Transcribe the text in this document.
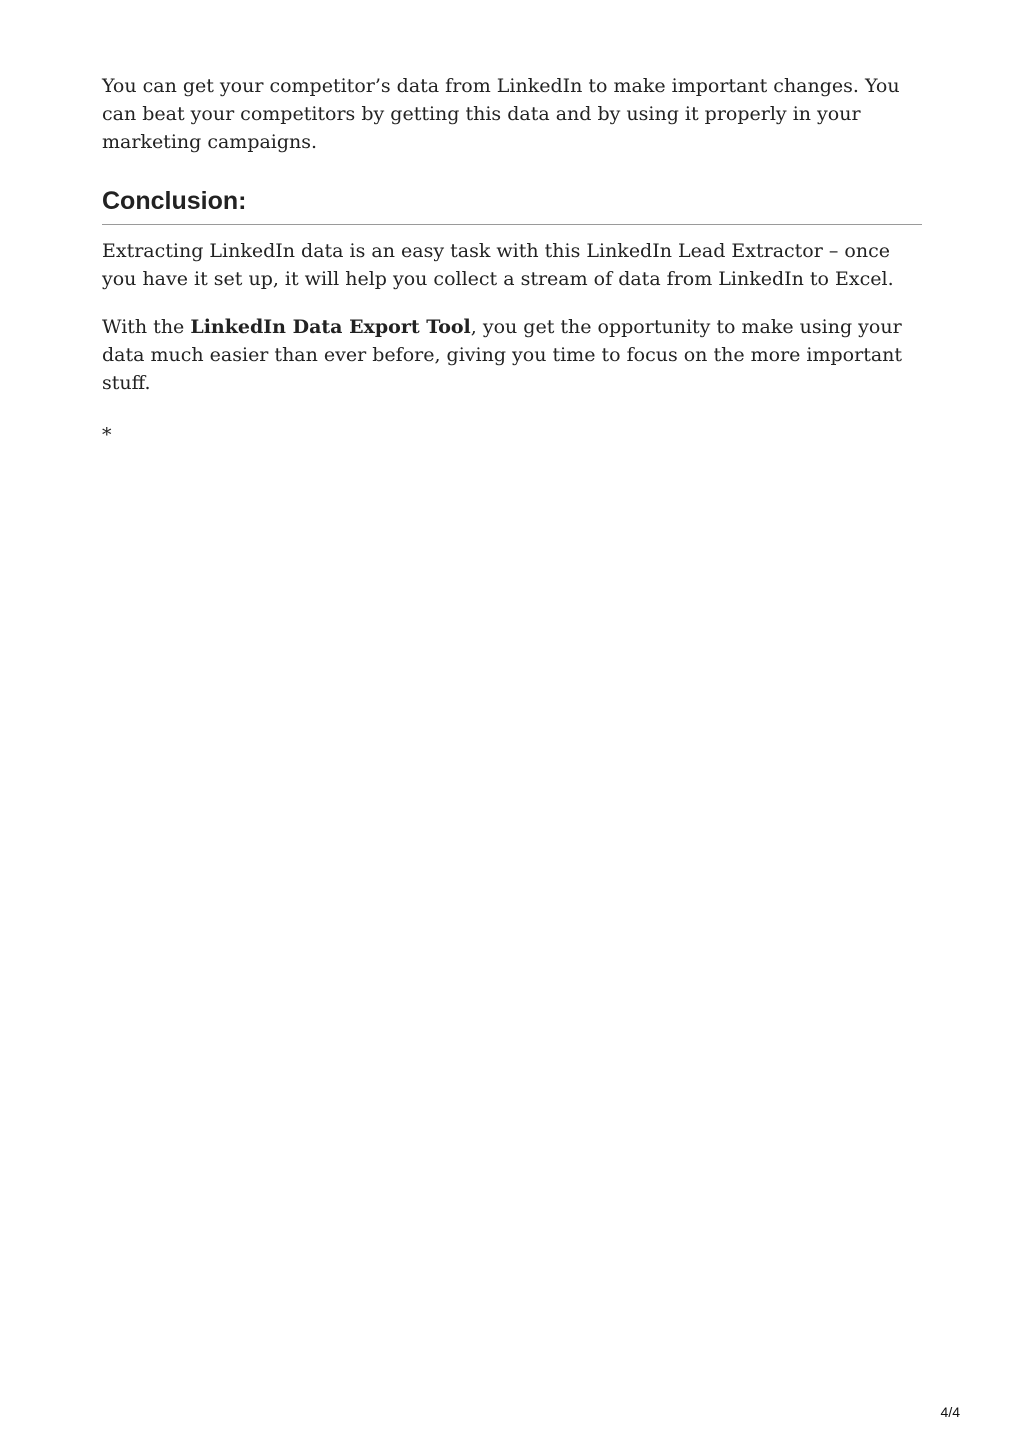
You can get your competitor’s data from LinkedIn to make important changes. You can beat your competitors by getting this data and by using it properly in your marketing campaigns.

Conclusion:

Extracting LinkedIn data is an easy task with this LinkedIn Lead Extractor – once you have it set up, it will help you collect a stream of data from LinkedIn to Excel.

With the LinkedIn Data Export Tool, you get the opportunity to make using your data much easier than ever before, giving you time to focus on the more important stuff.

*
4/4
